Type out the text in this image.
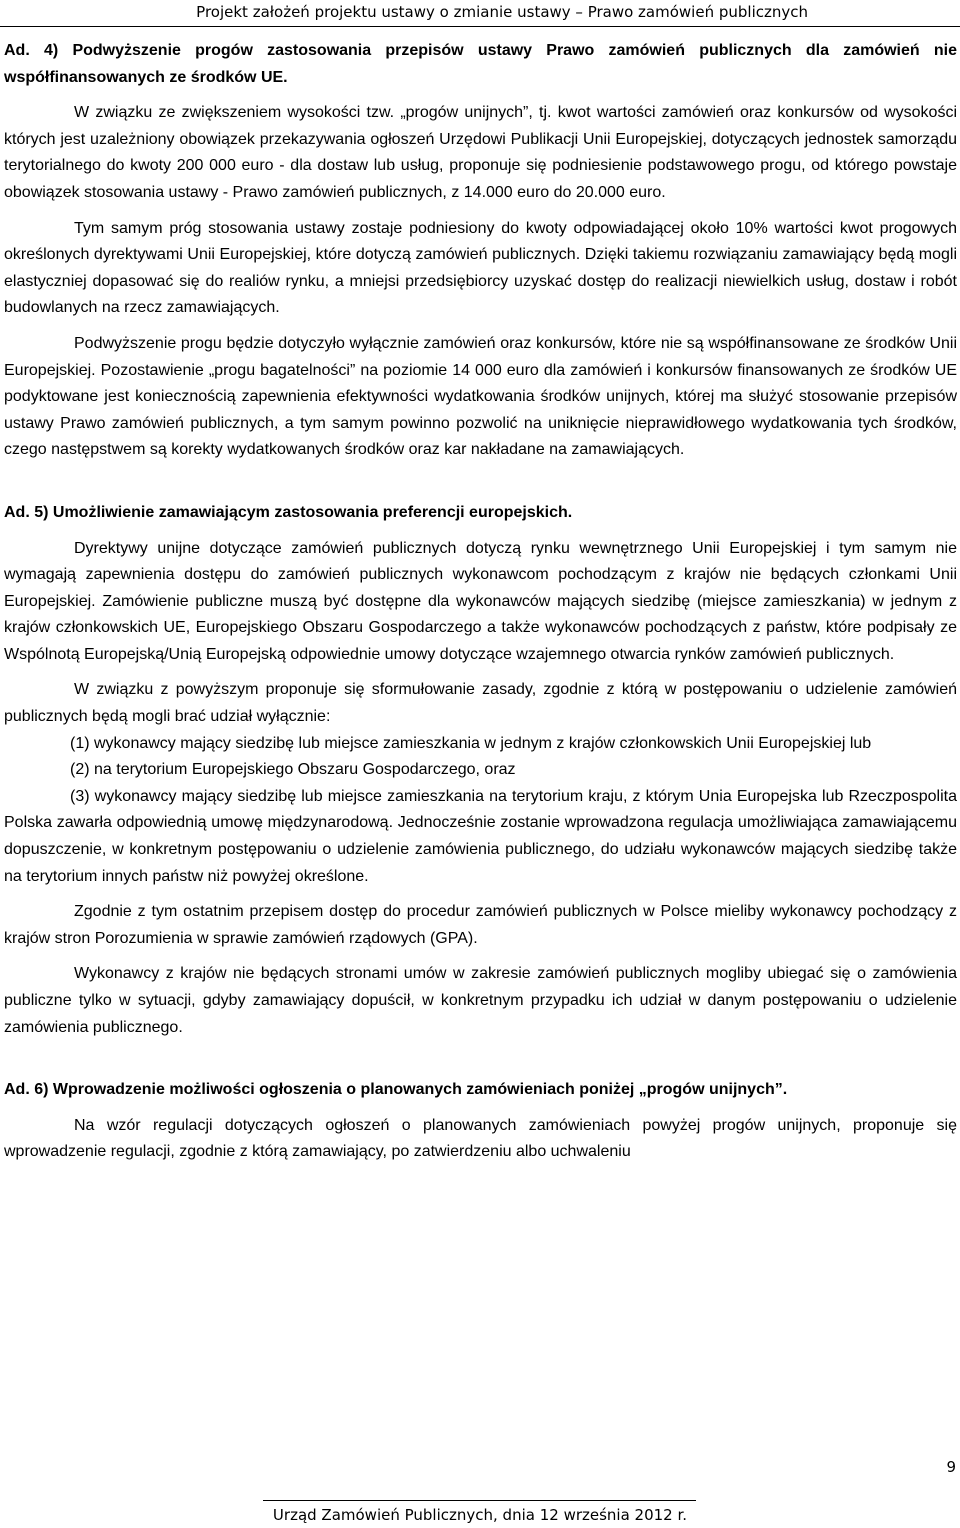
Projekt założeń projektu ustawy o zmianie ustawy – Prawo zamówień publicznych

Ad. 4) Podwyższenie progów zastosowania przepisów ustawy Prawo zamówień publicznych dla zamówień nie współfinansowanych ze środków UE.

W związku ze zwiększeniem wysokości tzw. „progów unijnych”, tj. kwot wartości zamówień oraz konkursów od wysokości których jest uzależniony obowiązek przekazywania ogłoszeń Urzędowi Publikacji Unii Europejskiej, dotyczących jednostek samorządu terytorialnego do kwoty 200 000 euro - dla dostaw lub usług, proponuje się podniesienie podstawowego progu, od którego powstaje obowiązek stosowania ustawy - Prawo zamówień publicznych, z 14.000 euro do 20.000 euro.

Tym samym próg stosowania ustawy zostaje podniesiony do kwoty odpowiadającej około 10% wartości kwot progowych określonych dyrektywami Unii Europejskiej, które dotyczą zamówień publicznych. Dzięki takiemu rozwiązaniu zamawiający będą mogli elastyczniej dopasować się do realiów rynku, a mniejsi przedsiębiorcy uzyskać dostęp do realizacji niewielkich usług, dostaw i robót budowlanych na rzecz zamawiających.

Podwyższenie progu będzie dotyczyło wyłącznie zamówień oraz konkursów, które nie są współfinansowane ze środków Unii Europejskiej. Pozostawienie „progu bagatelności” na poziomie 14 000 euro dla zamówień i konkursów finansowanych ze środków UE podyktowane jest koniecznością zapewnienia efektywności wydatkowania środków unijnych, której ma służyć stosowanie przepisów ustawy Prawo zamówień publicznych, a tym samym powinno pozwolić na uniknięcie nieprawidłowego wydatkowania tych środków, czego następstwem są korekty wydatkowanych środków oraz kar nakładane na zamawiających.

Ad. 5) Umożliwienie zamawiającym zastosowania preferencji europejskich.

Dyrektywy unijne dotyczące zamówień publicznych dotyczą rynku wewnętrznego Unii Europejskiej i tym samym nie wymagają zapewnienia dostępu do zamówień publicznych wykonawcom pochodzącym z krajów nie będących członkami Unii Europejskiej. Zamówienie publiczne muszą być dostępne dla wykonawców mających siedzibę (miejsce zamieszkania) w jednym z krajów członkowskich UE, Europejskiego Obszaru Gospodarczego a także wykonawców pochodzących z państw, które podpisały ze Wspólnotą Europejską/Unią Europejską odpowiednie umowy dotyczące wzajemnego otwarcia rynków zamówień publicznych.

W związku z powyższym proponuje się sformułowanie zasady, zgodnie z którą w postępowaniu o udzielenie zamówień publicznych będą mogli brać udział wyłącznie:

(1) wykonawcy mający siedzibę lub miejsce zamieszkania w jednym z krajów członkowskich Unii Europejskiej lub

(2) na terytorium Europejskiego Obszaru Gospodarczego, oraz

(3) wykonawcy mający siedzibę lub miejsce zamieszkania na terytorium kraju, z którym Unia Europejska lub Rzeczpospolita Polska zawarła odpowiednią umowę międzynarodową. Jednocześnie zostanie wprowadzona regulacja umożliwiająca zamawiającemu dopuszczenie, w konkretnym postępowaniu o udzielenie zamówienia publicznego, do udziału wykonawców mających siedzibę także na terytorium innych państw niż powyżej określone.

Zgodnie z tym ostatnim przepisem dostęp do procedur zamówień publicznych w Polsce mieliby wykonawcy pochodzący z krajów stron Porozumienia w sprawie zamówień rządowych (GPA).

Wykonawcy z krajów nie będących stronami umów w zakresie zamówień publicznych mogliby ubiegać się o zamówienia publiczne tylko w sytuacji, gdyby zamawiający dopuścił, w konkretnym przypadku ich udział w danym postępowaniu o udzielenie zamówienia publicznego.

Ad. 6) Wprowadzenie możliwości ogłoszenia o planowanych zamówieniach poniżej „progów unijnych”.

Na wzór regulacji dotyczących ogłoszeń o planowanych zamówieniach powyżej progów unijnych, proponuje się wprowadzenie regulacji, zgodnie z którą zamawiający, po zatwierdzeniu albo uchwaleniu

9
Urząd Zamówień Publicznych, dnia 12 września 2012 r.
